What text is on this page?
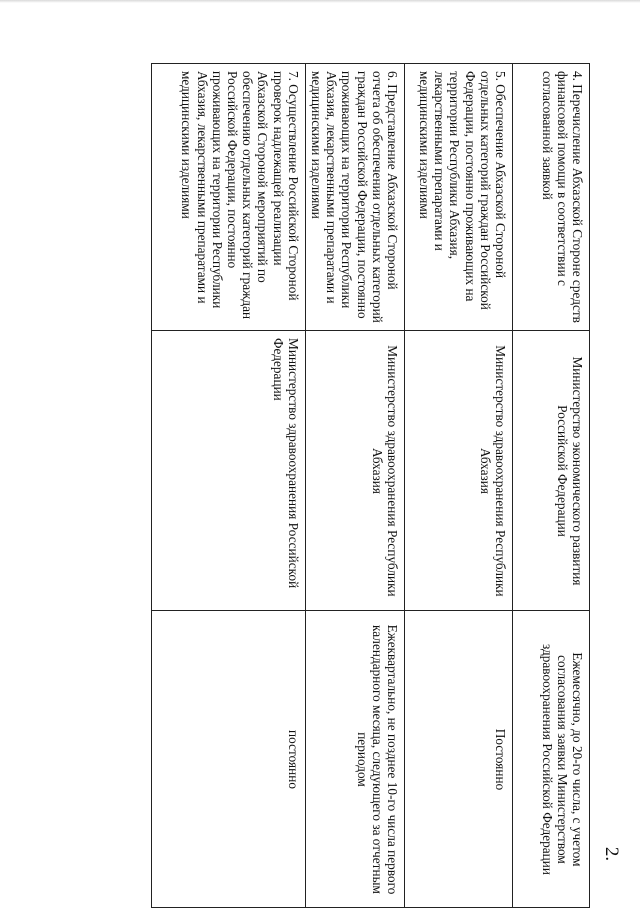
2.
4. Перечисление Абхазской Стороне средств финансовой помощи в соответствии с согласованной заявкой	Министерство экономического развития Российской Федерации	Ежемесячно, до 20-го числа, с учетом согласования заявки Министерством здравоохранения Российской Федерации
5. Обеспечение Абхазской Стороной отдельных категорий граждан Российской Федерации, постоянно проживающих на территории Республики Абхазия, лекарственными препаратами и медицинскими изделиями	Министерство здравоохранения Республики Абхазия	Постоянно
6. Представление Абхазской Стороной отчета об обеспечении отдельных категорий граждан Российской Федерации, постоянно проживающих на территории Республики Абхазия, лекарственными препаратами и медицинскими изделиями	Министерство здравоохранения Республики Абхазия	Ежеквартально, не позднее 10-го числа первого календарного месяца, следующего за отчетным периодом
7. Осуществление Российской Стороной проверок надлежащей реализации Абхазской Стороной мероприятий по обеспечению отдельных категорий граждан Российской Федерации, постоянно проживающих на территории Республики Абхазия, лекарственными препаратами и медицинскими изделиями	Министерство здравоохранения Российской Федерации	постоянно
